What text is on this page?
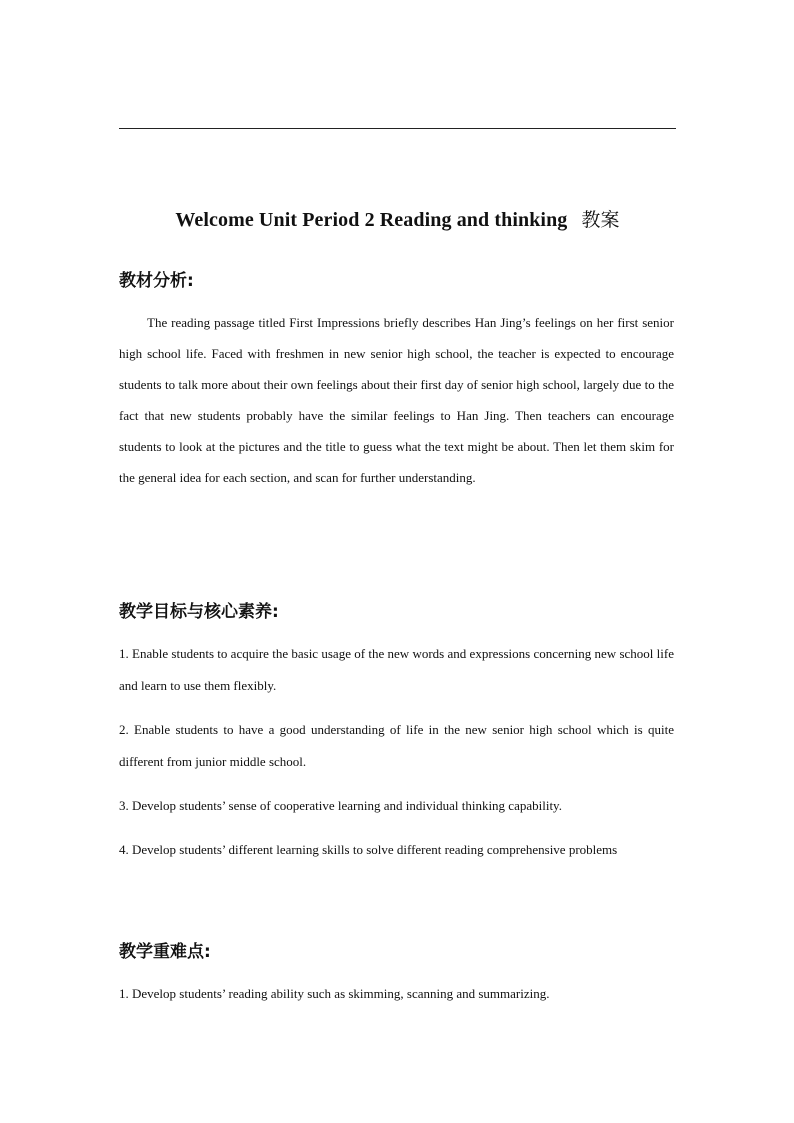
Welcome Unit Period 2 Reading and thinking 教案
教材分析:
The reading passage titled First Impressions briefly describes Han Jing’s feelings on her first senior high school life. Faced with freshmen in new senior high school, the teacher is expected to encourage students to talk more about their own feelings about their first day of senior high school, largely due to the fact that new students probably have the similar feelings to Han Jing. Then teachers can encourage students to look at the pictures and the title to guess what the text might be about. Then let them skim for the general idea for each section, and scan for further understanding.
教学目标与核心素养:
1. Enable students to acquire the basic usage of the new words and expressions concerning new school life and learn to use them flexibly.
2. Enable students to have a good understanding of life in the new senior high school which is quite different from junior middle school.
3. Develop students’ sense of cooperative learning and individual thinking capability.
4. Develop students’ different learning skills to solve different reading comprehensive problems
教学重难点:
1. Develop students’ reading ability such as skimming, scanning and summarizing.
